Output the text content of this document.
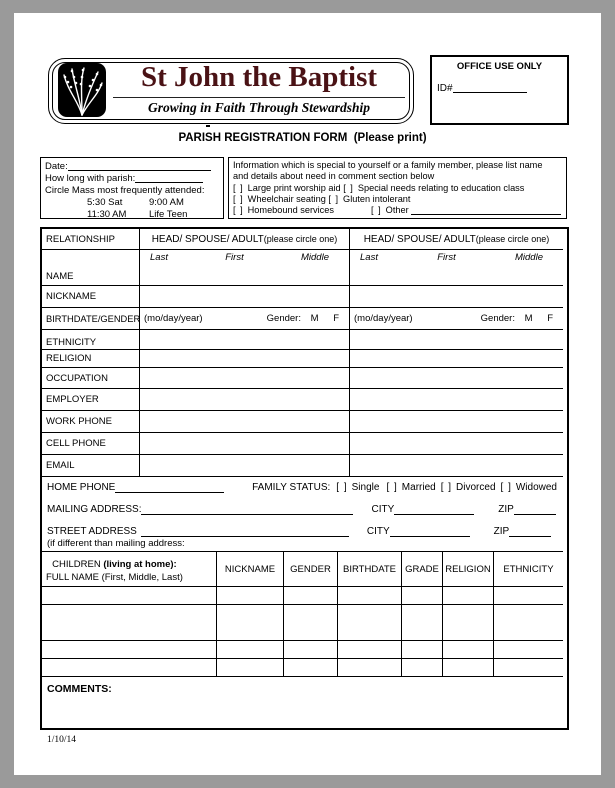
St John the Baptist
Growing in Faith Through Stewardship
OFFICE USE ONLY
ID#
PARISH REGISTRATION FORM  (Please print)
Date:
How long with parish:
Circle Mass most frequently attended:
5:30 Sat	9:00 AM
11:30 AM	Life Teen
Information which is special to yourself or a family member, please list name
and details about need in comment section below
[ ] Large print worship aid [ ] Special needs relating to education class
[ ] Wheelchair seating [ ] Gluten intolerant
[ ] Homebound services	[ ] Other
RELATIONSHIP	HEAD/ SPOUSE/ ADULT (please circle one)	HEAD/ SPOUSE/ ADULT (please circle one)
NAME
Last	First	Middle	Last	First	Middle
NICKNAME
BIRTHDATE/GENDER (mo/day/year)	Gender: M F (mo/day/year)	Gender: M F
ETHNICITY
RELIGION
OCCUPATION
EMPLOYER
WORK PHONE
CELL PHONE
EMAIL
HOME PHONE	FAMILY STATUS: [ ] Single [ ] Married [ ] Divorced [ ] Widowed
MAILING ADDRESS:	CITY	ZIP
STREET ADDRESS	CITY	ZIP
(if different than mailing address:
CHILDREN (living at home):
FULL NAME (First, Middle, Last)
NICKNAME	GENDER	BIRTHDATE GRADE RELIGION	ETHNICITY
COMMENTS:
1/10/14
